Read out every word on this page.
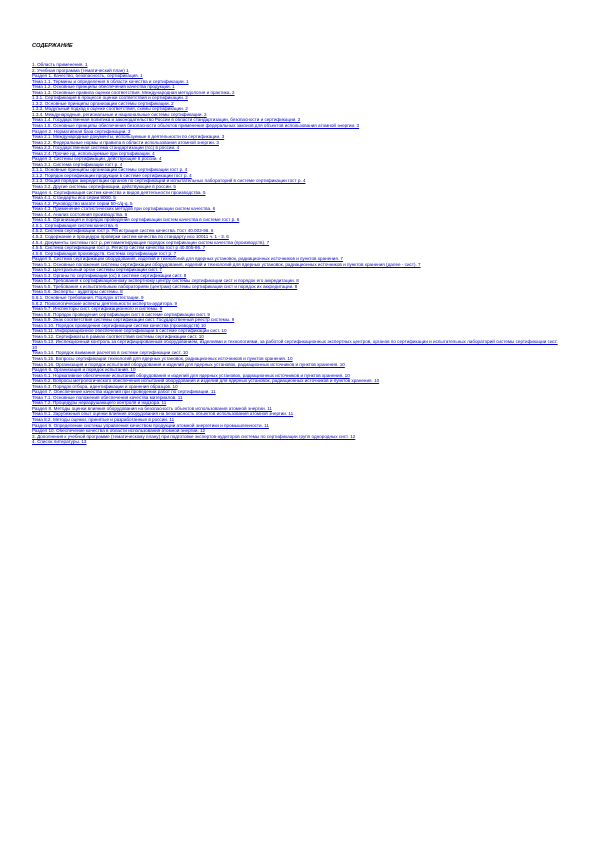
СОДЕРЖАНИЕ
1. Область применения. 1
2. Учебная программа (тематический план) 1
Раздел 1. Качество, безопасность, сертификация. 1
Тема 1.1. Термины и определения в области качества и сертификации. 1
Тема 1.2. Основные принципы обеспечения качества продукции. 1
Тема 1.3. Основные правила оценки соответствия. Международная методология и практика. 2
1.3.1. Сертификация в процессе оценки соответствия и сертификации. 2
1.3.2. Основные принципы организации системы сертификации. 2
1.3.3. Модульный подход к оценке соответствия, схемы сертификации. 2
1.3.4. Международные, региональные и национальные системы сертификации. 2
Тема 1.4. Государственная политика и законодательство России в области стандартизации, безопасности и сертификации. 2
Тема 1.5. Основные принципы обеспечения безопасности объектов применения федеральных законов для объектов использования атомной энергии. 3
Раздел 2. Нормативная база сертификации. 3
Тема 2.1. Международные документы, используемые в деятельности по сертификации. 3
Тема 2.2. Федеральные нормы и правила в области использования атомной энергии. 3
Тема 2.3. Государственная система стандартизации (гсс) в россии. 4
Тема 2.4. Прочие нд, используемые при сертификации. 4
Раздел 3. Системы сертификации, действующие в россии. 4
Тема 3.1. Система сертификации гост р. 4
3.1.1. Основные принципы организации системы сертификации гост р. 4
3.1.2. Порядок сертификации продукции в системе сертификации гост р. 4
3.1.3. Общий порядок аккредитации органов по сертификации и испытательных лабораторий в системе сертификации гост р. 4
Тема 3.2. Другие системы сертификации, действующие в россии. 5
Раздел 4. Сертификация систем качества и видов деятельности производства. 5
Тема 4.1. Стандарты исо серии 9000. 5
Тема 4.2. Руководство магате серии 50-с/q-q. 5
Тема 4.3. Применение статистических методов при сертификации систем качества. 6
Тема 4.4. Анализ состояния производства. 6
Тема 4.5. Организация и порядок проведения сертификации систем качества в системе гост р. 6
4.5.1. Сертификация систем качества. 6
4.5.2. Система сертификации гост р. Регистрация систем качества. Гост 40.003-96. 6
4.5.3. Содержание и процедура проверки систем качества по стандарту исо 10011 ч. 1 - 3. 6
4.5.4. Документы системы гост р, регламентирующие порядок сертификации систем качества (производств). 7
4.5.5. Система сертификации гост р. Регистр систем качества гост р 40.005-96. 7
4.5.6. Сертификация производств. Система сертификации гост р. 7
Раздел 5. Система сертификации оборудования, изделий и технологий для ядерных установок, радиационных источников и пунктов хранения. 7
Тема 5.1. Основные положения системы сертификации оборудования, изделий и технологий для ядерных установок, радиационных источников и пунктов хранения (далее - сист). 7
Тема 5.2. Центральный орган системы сертификации сист. 7
Тема 5.3. Органы по сертификации (ос) в системе сертификации сист. 8
Тема 5.4. Требования к сертификационному экспертному центру системы сертификации сист и порядок его аккредитации. 8
Тема 5.5. Требования к испытательным лабораториям (центрам) системы сертификации сист и порядок их аккредитации. 8
Тема 5.6. Эксперты - аудиторы системы. 8
5.6.1. Основные требования. Порядок аттестации. 9
5.6.2. Психологические аспекты деятельности эксперта-аудитора. 9
Тема 5.7. Инспекторы сист. сертификационного и системы. 9
Тема 5.8. Порядок проведения сертификации сист в системе сертификации сист. 9
Тема 5.9. Знак соответствия системы сертификации сист. Государственный реестр системы. 9
Тема 5.10. Порядок проведения сертификации систем качества (производств) 10
Тема 5.11. Информационное обеспечение сертификации в системе сертификации сист. 10
Тема 5.12. Сертификаты в рамках соответствия системы сертификации сист. 10
Тема 5.13. Инспекционный контроль за сертифицированным оборудованием, изделиями и технологиями, за работой сертификационных экспертных центров, органов по сертификации и испытательных лабораторий системы сертификации сист. 10
Тема 5.14. Порядок взимания расчетов в системе сертификации сист. 10
Тема 5.15. Вопросы сертификации технологий для ядерных установок, радиационных источников и пунктов хранения. 10
Тема 5.16. Организация и порядок испытаний оборудования и изделий для ядерных установок, радиационных источников и пунктов хранения. 10
Раздел 6. Организация и порядок испытаний. 10
Тема 6.1. Нормативное обеспечение испытаний оборудования и изделий для ядерных установок, радиационных источников и пунктов хранения. 10
Тема 6.2. Вопросы метрологического обеспечения испытаний оборудования и изделий для ядерных установок, радиационных источников и пунктов хранения. 10
Тема 6.3. Порядок отбора, идентификации и хранения образцов. 10
Раздел 7. Обеспечение качества изделий при проведении работ по сертификации. 11
Тема 7.1. Основные положения обеспечения качества материалов. 11
Тема 7.2. Процедуры неразрушающего контроля и надзора. 11
Раздел 8. Методы оценки влияния оборудования на безопасность объектов использования атомной энергии. 11
Тема 8.1. Зарубежный опыт оценки влияния оборудования на безопасность объектов использования атомной энергии. 11
Тема 8.2. Методы оценки, принятые и разработанные в россии. 11
Раздел 9. Определение системы управления качеством продукции атомной энергетики и промышленности. 11
Раздел 10. Обеспечение качества в области использования атомной энергии. 12
3. Дополнения к учебной программе (тематическому плану) при подготовке экспертов-аудиторов системы по сертификации групп однородных сист. 12
4. Список литературы. 13
